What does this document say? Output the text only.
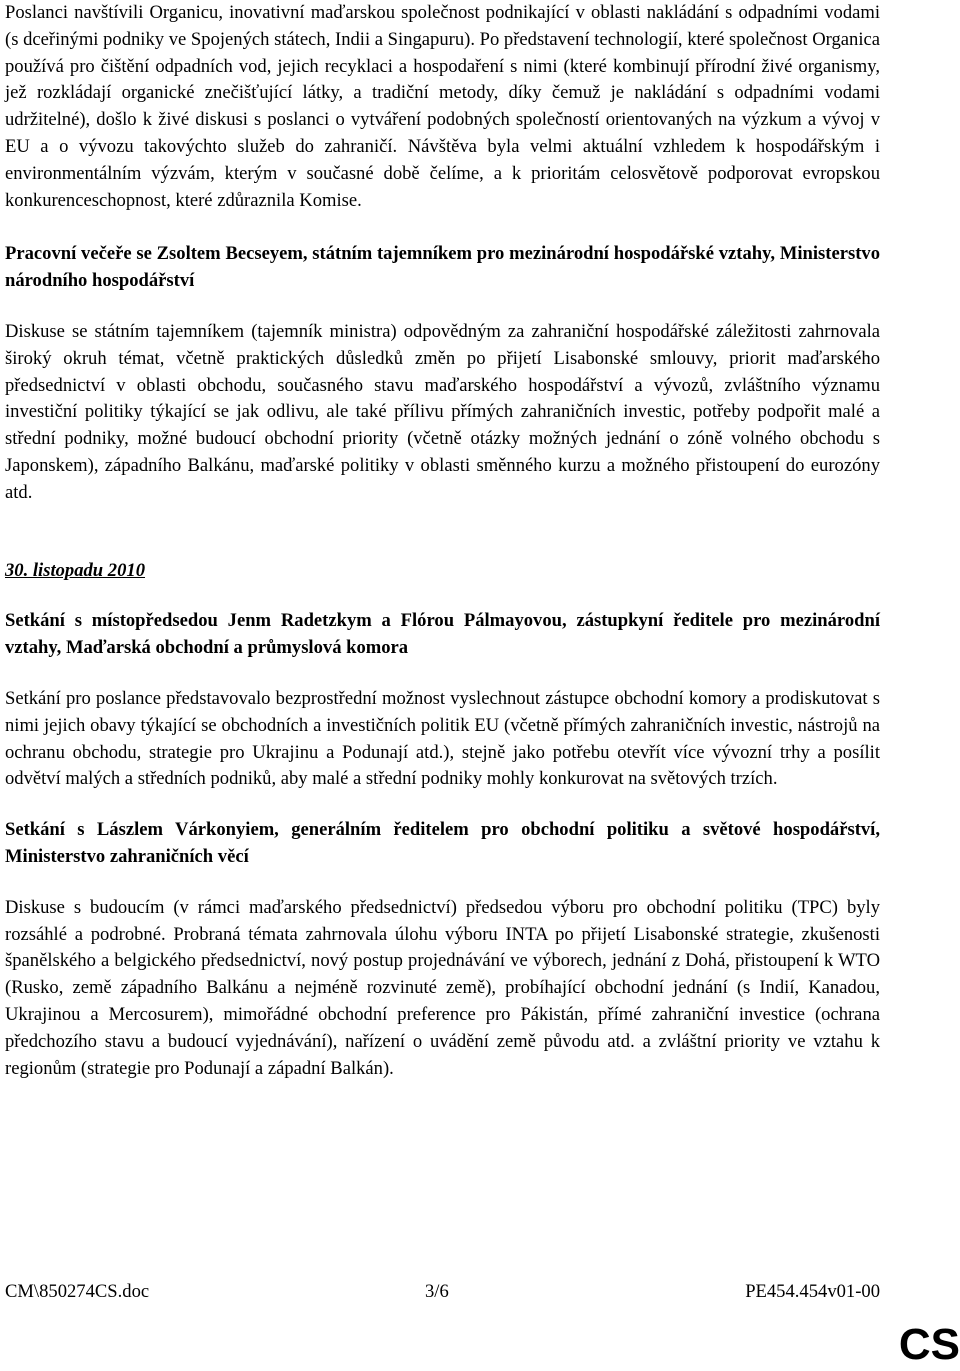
Poslanci navštívili Organicu, inovativní maďarskou společnost podnikající v oblasti nakládání s odpadními vodami (s dceřinými podniky ve Spojených státech, Indii a Singapuru). Po představení technologií, které společnost Organica používá pro čištění odpadních vod, jejich recyklaci a hospodaření s nimi (které kombinují přírodní živé organismy, jež rozkládají organické znečišťující látky, a tradiční metody, díky čemuž je nakládání s odpadními vodami udržitelné), došlo k živé diskusi s poslanci o vytváření podobných společností orientovaných na výzkum a vývoj v EU a o vývozu takovýchto služeb do zahraničí. Návštěva byla velmi aktuální vzhledem k hospodářským i environmentálním výzvám, kterým v současné době čelíme, a k prioritám celosvětově podporovat evropskou konkurenceschopnost, které zdůraznila Komise.

Pracovní večeře se Zsoltem Becseyem, státním tajemníkem pro mezinárodní hospodářské vztahy, Ministerstvo národního hospodářství

Diskuse se státním tajemníkem (tajemník ministra) odpovědným za zahraniční hospodářské záležitosti zahrnovala široký okruh témat, včetně praktických důsledků změn po přijetí Lisabonské smlouvy, priorit maďarského předsednictví v oblasti obchodu, současného stavu maďarského hospodářství a vývozů, zvláštního významu investiční politiky týkající se jak odlivu, ale také přílivu přímých zahraničních investic, potřeby podpořit malé a střední podniky, možné budoucí obchodní priority (včetně otázky možných jednání o zóně volného obchodu s Japonskem), západního Balkánu, maďarské politiky v oblasti směnného kurzu a možného přistoupení do eurozóny atd.

30. listopadu 2010

Setkání s místopředsedou Jenm Radetzkym a Flórou Pálmayovou, zástupkyní ředitele pro mezinárodní vztahy, Maďarská obchodní a průmyslová komora

Setkání pro poslance představovalo bezprostřední možnost vyslechnout zástupce obchodní komory a prodiskutovat s nimi jejich obavy týkající se obchodních a investičních politik EU (včetně přímých zahraničních investic, nástrojů na ochranu obchodu, strategie pro Ukrajinu a Podunají atd.), stejně jako potřebu otevřít více vývozní trhy a posílit odvětví malých a středních podniků, aby malé a střední podniky mohly konkurovat na světových trzích.

Setkání s Lászlem Várkonyiem, generálním ředitelem pro obchodní politiku a světové hospodářství, Ministerstvo zahraničních věcí

Diskuse s budoucím (v rámci maďarského předsednictví) předsedou výboru pro obchodní politiku (TPC) byly rozsáhlé a podrobné. Probraná témata zahrnovala úlohu výboru INTA po přijetí Lisabonské strategie, zkušenosti španělského a belgického předsednictví, nový postup projednávání ve výborech, jednání z Dohá, přistoupení k WTO (Rusko, země západního Balkánu a nejméně rozvinuté země), probíhající obchodní jednání (s Indií, Kanadou, Ukrajinou a Mercosurem), mimořádné obchodní preference pro Pákistán, přímé zahraniční investice (ochrana předchozího stavu a budoucí vyjednávání), nařízení o uvádění země původu atd. a zvláštní priority ve vztahu k regionům (strategie pro Podunají a západní Balkán).

CM\850274CS.doc	3/6	PE454.454v01-00
CS
